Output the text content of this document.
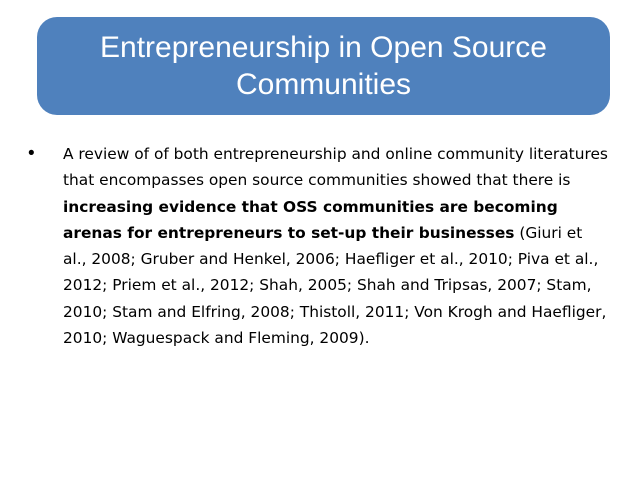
Entrepreneurship in Open Source Communities
•	A review of of both entrepreneurship and online community literatures that encompasses open source communities showed that there is increasing evidence that OSS communities are becoming arenas for entrepreneurs to set-up their businesses (Giuri et al., 2008; Gruber and Henkel, 2006; Haefliger et al., 2010; Piva et al., 2012; Priem et al., 2012; Shah, 2005; Shah and Tripsas, 2007; Stam, 2010; Stam and Elfring, 2008; Thistoll, 2011; Von Krogh and Haefliger, 2010; Waguespack and Fleming, 2009).
